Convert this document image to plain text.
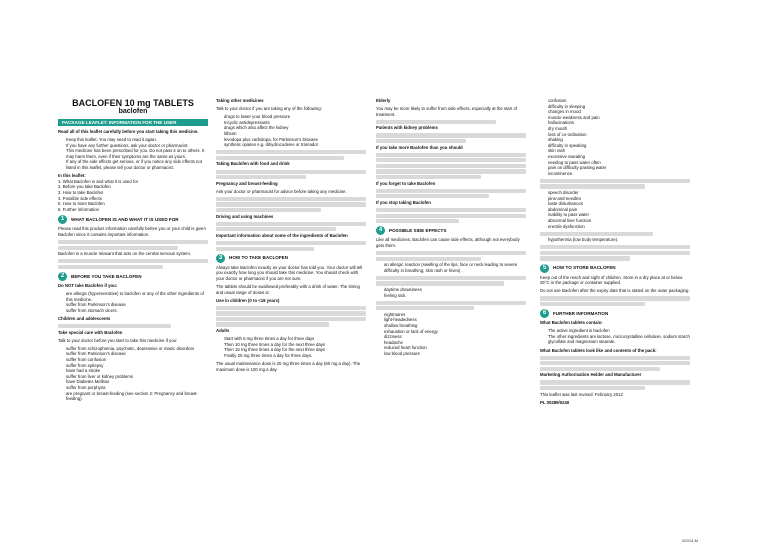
BACLOFEN 10 mg TABLETS

baclofen

PACKAGE LEAFLET: INFORMATION FOR THE USER

Read all of this leaflet carefully before you start taking this medicine.

• Keep this leaflet. You may need to read it again.
• If you have any further questions, ask your doctor or pharmacist.
• This medicine has been prescribed for you. Do not pass it on to others. It may harm them, even if their symptoms are the same as yours.
• If any of the side effects get serious, or if you notice any side effects not listed in this leaflet, please tell your doctor or pharmacist.

In this leaflet:

1. What Baclofen is and what it is used for

2. Before you take Baclofen

3. How to take Baclofen

4. Possible side effects

5. How to store Baclofen

6. Further information

1	WHAT BACLOFEN IS AND WHAT IT IS USED FOR

Please read this product information carefully before you or your child is given Baclofen since it contains important information.

Baclofen is a muscle relaxant that acts on the central nervous system.

2	BEFORE YOU TAKE BACLOFEN

Do NOT take Baclofen if you:

• are allergic (hypersensitive) to baclofen or any of the other ingredients of this medicine.
• suffer from Parkinson's disease
• suffer from stomach ulcers.

Children and adolescents

Take special care with Baclofen

Talk to your doctor before you start to take this medicine if you:

• suffer from schizophrenia, psychotic, depressive or manic disorders
• suffer from Parkinson's disease
• suffer from confusion
• suffer from epilepsy
• have had a stroke
• suffer from liver or kidney problems
• have Diabetes Mellitus
• suffer from porphyria
• are pregnant or breast-feeding (see section 2: Pregnancy and breast-feeding).

Taking other medicines

Talk to your doctor if you are taking any of the following:

• drugs to lower your blood pressure
• tricyclic antidepressants
• drugs which also affect the kidney
• lithium
• levodopa plus carbidopa, for Parkinson's Disease
• synthetic opiates e.g. dihydrocodeine or tramadol.

Taking Baclofen with food and drink

Pregnancy and breast-feeding

Ask your doctor or pharmacist for advice before taking any medicine.

Driving and using machines

Important information about some of the ingredients of Baclofen

3	HOW TO TAKE BACLOFEN

Always take Baclofen exactly as your doctor has told you. Your doctor will tell you exactly how long you should take this medicine. You should check with your doctor or pharmacist if you are not sure.

The tablets should be swallowed preferably with a drink of water. The timing and usual range of doses is:

Use in children (0 to <18 years)

Adults

• Start with 5 mg three times a day for three days
• Then 10 mg three times a day for the next three days
• Then 15 mg three times a day for the next three days
• Finally 20 mg three times a day for three days.

The usual maintenance dose is 20 mg three times a day (60 mg a day). The maximum dose is 100 mg a day.

Elderly

You may be more likely to suffer from side effects, especially at the start of treatment.

Patients with kidney problems

If you take more Baclofen than you should

If you forget to take Baclofen

If you stop taking Baclofen

4	POSSIBLE SIDE EFFECTS

Like all medicines, Baclofen can cause side effects, although not everybody gets them.

• an allergic reaction (swelling of the lips, face or neck leading to severe difficulty in breathing; skin rash or hives).
• daytime drowsiness
• feeling sick.
• nightmares
• light-headedness
• shallow breathing
• exhaustion or lack of energy
• dizziness
• headache
• reduced heart function
• low blood pressure
• confusion
• difficulty in sleeping
• changes in mood
• muscle weakness and pain
• hallucinations
• dry mouth
• loss of co-ordination
• shaking
• difficulty in speaking
• skin rash
• excessive sweating
• needing to pass water often
• pain on difficulty passing water
• incontinence.
• speech disorder
• pins-and-needles
• taste disturbances
• abdominal pain
• inability to pass water
• abnormal liver function
• erectile dysfunction
• hypothermia (low body temperature).
5	HOW TO STORE BACLOFEN

Keep out of the reach and sight of children. Store in a dry place at or below 25°C in the package or container supplied.

Do not use Baclofen after the expiry date that is stated on the outer packaging.

6	FURTHER INFORMATION

What Baclofen tablets contain:

• The active ingredient is baclofen
• The other ingredients are lactose, microcrystalline cellulose, sodium starch glycollate and magnesium stearate.

What Baclofen tablets look like and contents of the pack:

Marketing Authorisation Holder and Manufacturer

This leaflet was last revised: February 2012

PL 00289/0240

62014-M
